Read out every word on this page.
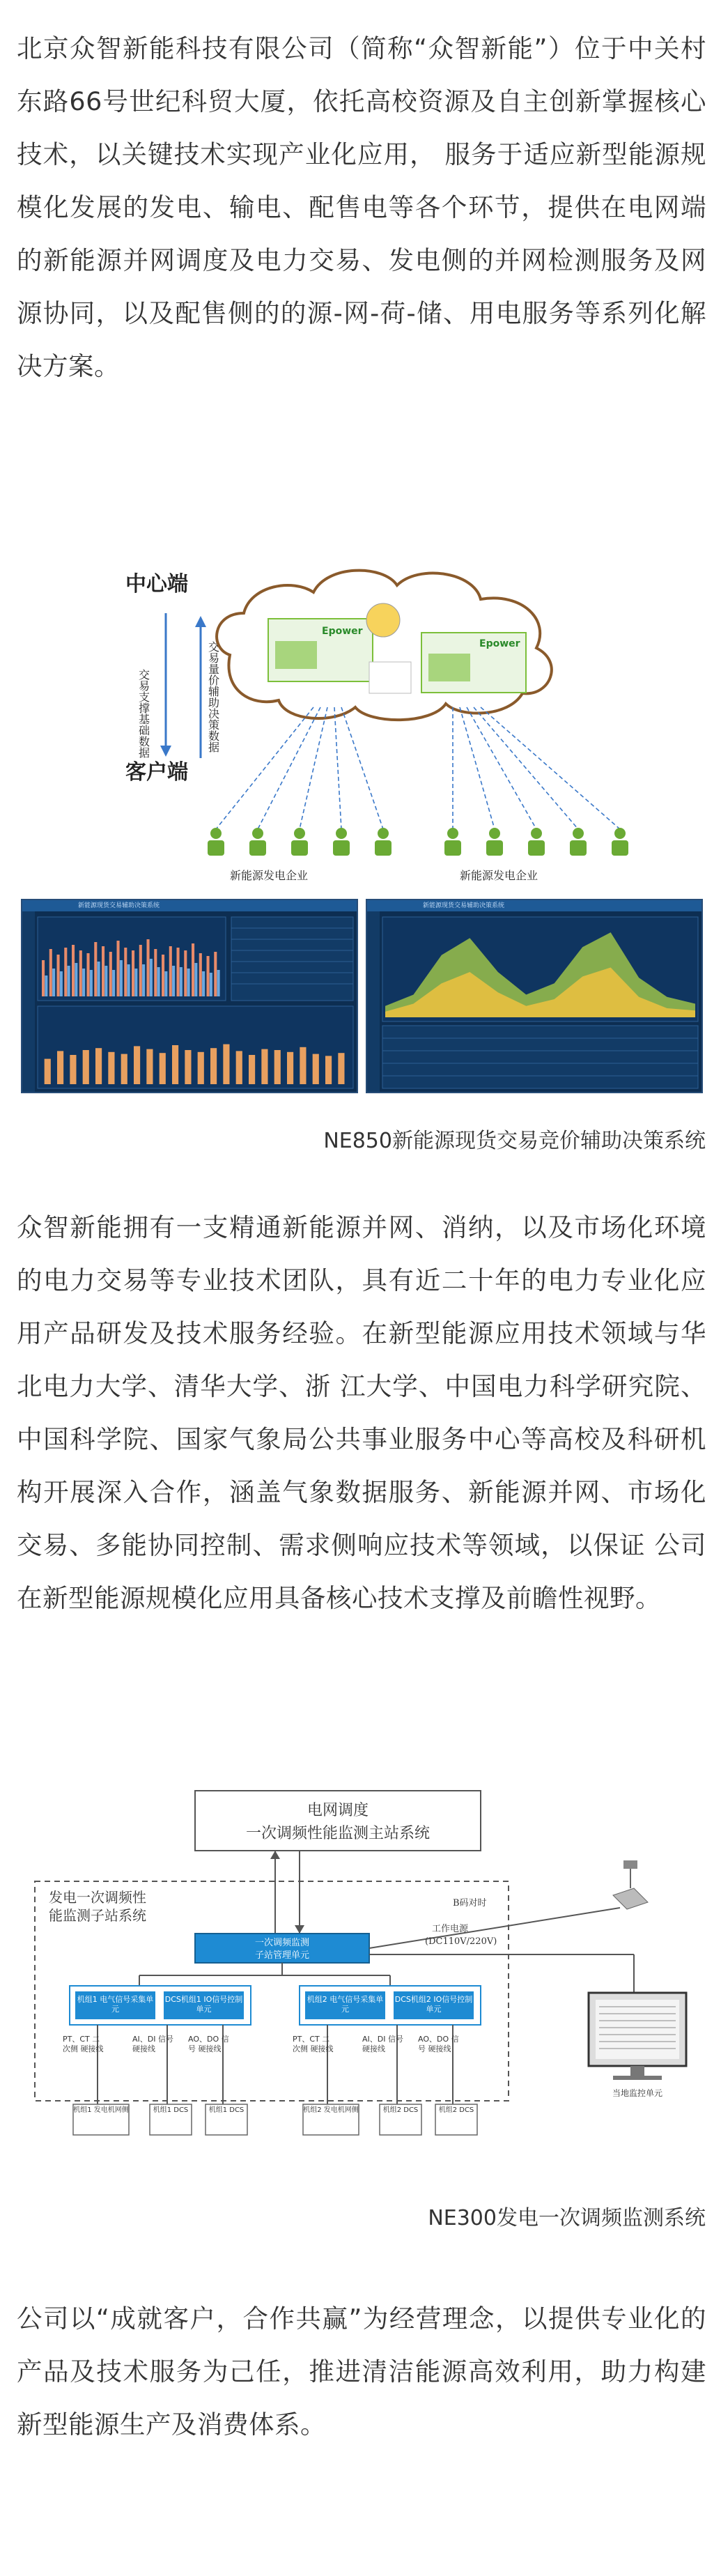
北京众智新能科技有限公司（简称“众智新能”）位于中关村东路66号世纪科贸大厦，依托高校资源及自主创新掌握核心技术，以关键技术实现产业化应用， 服务于适应新型能源规模化发展的发电、输电、配售电等各个环节，提供在电网端的新能源并网调度及电力交易、发电侧的并网检测服务及网源协同，以及配售侧的的源-网-荷-储、用电服务等系列化解决方案。

中心端
客户端
交易支撑基础数据	交易量价辅助决策数据
Epower
Epower
新能源发电企业	新能源发电企业
新能源现货交易辅助决策系统	新能源现货交易辅助决策系统
NE850新能源现货交易竞价辅助决策系统

众智新能拥有一支精通新能源并网、消纳，以及市场化环境的电力交易等专业技术团队，具有近二十年的电力专业化应用产品研发及技术服务经验。在新型能源应用技术领域与华北电力大学、清华大学、浙 江大学、中国电力科学研究院、中国科学院、国家气象局公共事业服务中心等高校及科研机构开展深入合作，涵盖气象数据服务、新能源并网、市场化交易、多能协同控制、需求侧响应技术等领域，以保证 公司在新型能源规模化应用具备核心技术支撑及前瞻性视野。

电网调度
一次调频性能监测主站系统
发电一次调频性
能监测子站系统
一次调频监测
子站管理单元
B码对时
工作电源
(DC110V/220V)
机组1 电气信号采集单元
DCS机组1 IO信号控制单元
机组2 电气信号采集单元
DCS机组2 IO信号控制单元
PT、CT 二次侧 硬接线
AI、DI 信号 硬接线
AO、DO 信号 硬接线
PT、CT 二次侧 硬接线
AI、DI 信号 硬接线
AO、DO 信号 硬接线
机组1 发电机网侧	机组1 DCS	机组1 DCS	机组2 发电机网侧	机组2 DCS	机组2 DCS
当地监控单元
NE300发电一次调频监测系统

公司以“成就客户，合作共赢”为经营理念，以提供专业化的产品及技术服务为己任，推进清洁能源高效利用，助力构建新型能源生产及消费体系。
